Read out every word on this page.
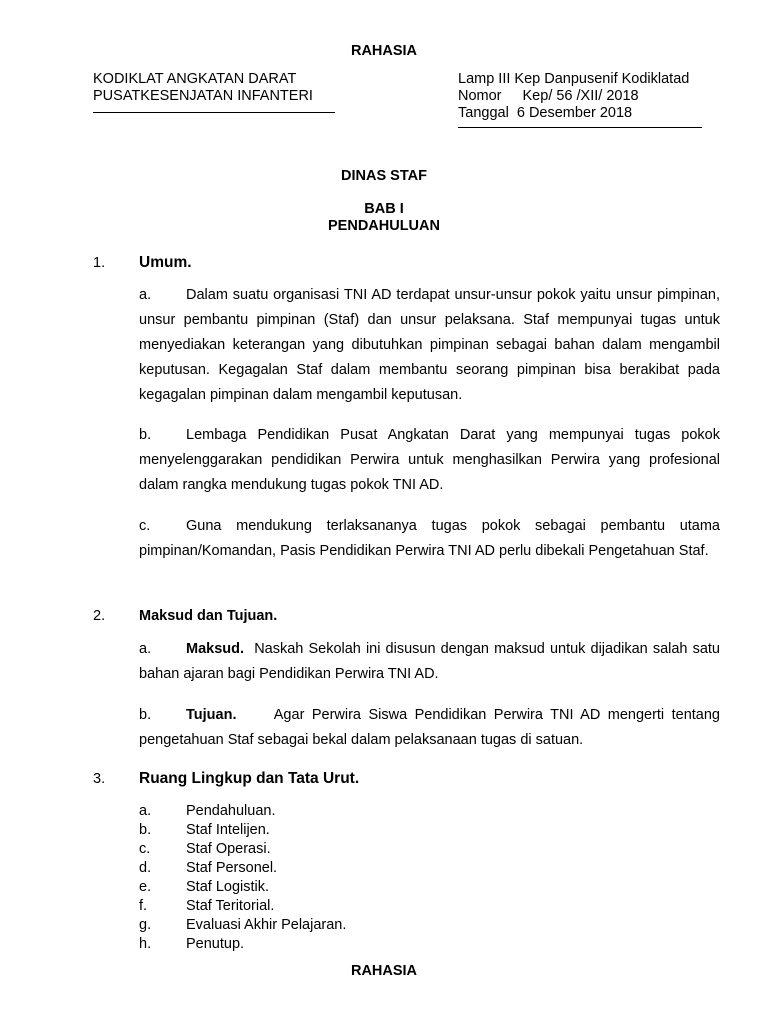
RAHASIA
KODIKLAT ANGKATAN DARAT
PUSATKESENJATAN INFANTERI
Lamp III Kep Danpusenif Kodiklatad
Nomor Kep/ 56 /XII/ 2018
Tanggal 6 Desember 2018
DINAS STAF
BAB I
PENDAHULUAN
1. Umum.
a. Dalam suatu organisasi TNI AD terdapat unsur-unsur pokok yaitu unsur pimpinan, unsur pembantu pimpinan (Staf) dan unsur pelaksana. Staf mempunyai tugas untuk menyediakan keterangan yang dibutuhkan pimpinan sebagai bahan dalam mengambil keputusan. Kegagalan Staf dalam membantu seorang pimpinan bisa berakibat pada kegagalan pimpinan dalam mengambil keputusan.
b. Lembaga Pendidikan Pusat Angkatan Darat yang mempunyai tugas pokok menyelenggarakan pendidikan Perwira untuk menghasilkan Perwira yang profesional dalam rangka mendukung tugas pokok TNI AD.
c. Guna mendukung terlaksananya tugas pokok sebagai pembantu utama pimpinan/Komandan, Pasis Pendidikan Perwira TNI AD perlu dibekali Pengetahuan Staf.
2. Maksud dan Tujuan.
a. Maksud. Naskah Sekolah ini disusun dengan maksud untuk dijadikan salah satu bahan ajaran bagi Pendidikan Perwira TNI AD.
b. Tujuan.	Agar Perwira Siswa Pendidikan Perwira TNI AD mengerti tentang pengetahuan Staf sebagai bekal dalam pelaksanaan tugas di satuan.
3. Ruang Lingkup dan Tata Urut.
a. Pendahuluan.
b. Staf Intelijen.
c. Staf Operasi.
d. Staf Personel.
e. Staf Logistik.
f.	Staf Teritorial.
g. Evaluasi Akhir Pelajaran.
h. Penutup.
RAHASIA
